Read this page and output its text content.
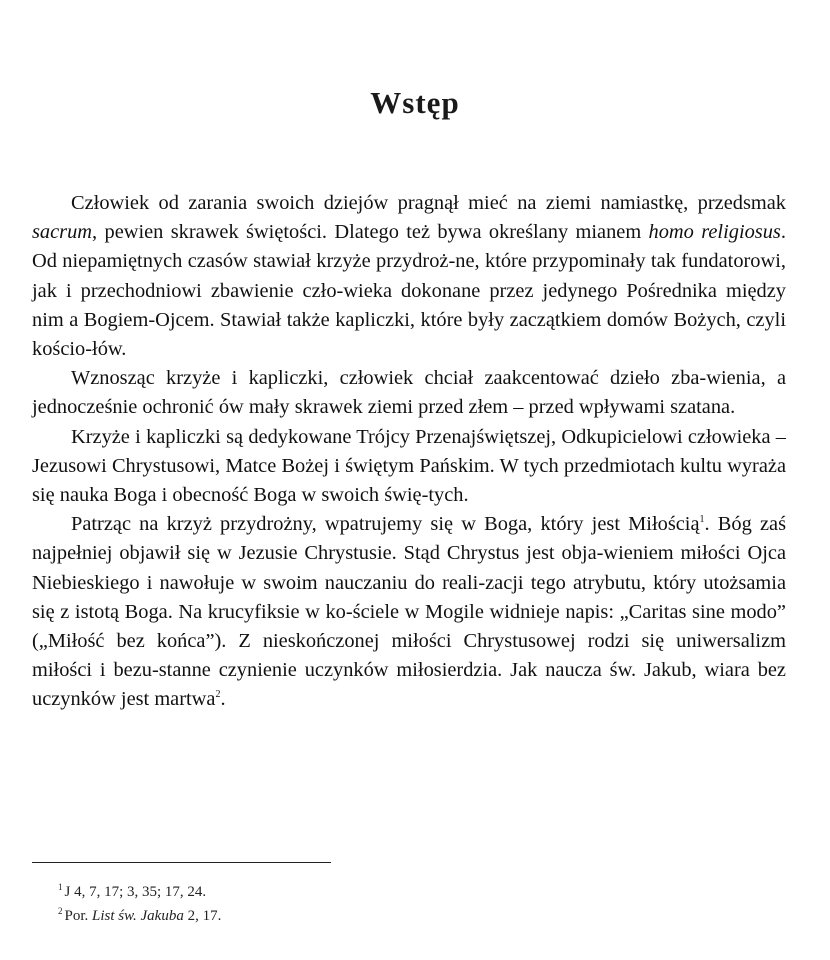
Wstęp

Człowiek od zarania swoich dziejów pragnął mieć na ziemi namiastkę, przedsmak sacrum, pewien skrawek świętości. Dlatego też bywa określany mianem homo religiosus. Od niepamiętnych czasów stawiał krzyże przydroż-ne, które przypominały tak fundatorowi, jak i przechodniowi zbawienie czło-wieka dokonane przez jedynego Pośrednika między nim a Bogiem-Ojcem. Stawiał także kapliczki, które były zaczątkiem domów Bożych, czyli kościo-łów.

Wznosząc krzyże i kapliczki, człowiek chciał zaakcentować dzieło zba-wienia, a jednocześnie ochronić ów mały skrawek ziemi przed złem – przed wpływami szatana.

Krzyże i kapliczki są dedykowane Trójcy Przenajświętszej, Odkupicielowi człowieka – Jezusowi Chrystusowi, Matce Bożej i świętym Pańskim. W tych przedmiotach kultu wyraża się nauka Boga i obecność Boga w swoich świę-tych.

Patrząc na krzyż przydrożny, wpatrujemy się w Boga, który jest Miłością$^1$. Bóg zaś najpełniej objawił się w Jezusie Chrystusie. Stąd Chrystus jest obja-wieniem miłości Ojca Niebieskiego i nawołuje w swoim nauczaniu do reali-zacji tego atrybutu, który utożsamia się z istotą Boga. Na krucyfiksie w ko-ściele w Mogile widnieje napis: „Caritas sine modo” („Miłość bez końca”). Z nieskończonej miłości Chrystusowej rodzi się uniwersalizm miłości i bezu-stanne czynienie uczynków miłosierdzia. Jak naucza św. Jakub, wiara bez uczynków jest martwa$^2$.

$^1$ J 4, 7, 17; 3, 35; 17, 24.
$^2$ Por. List św. Jakuba 2, 17.
